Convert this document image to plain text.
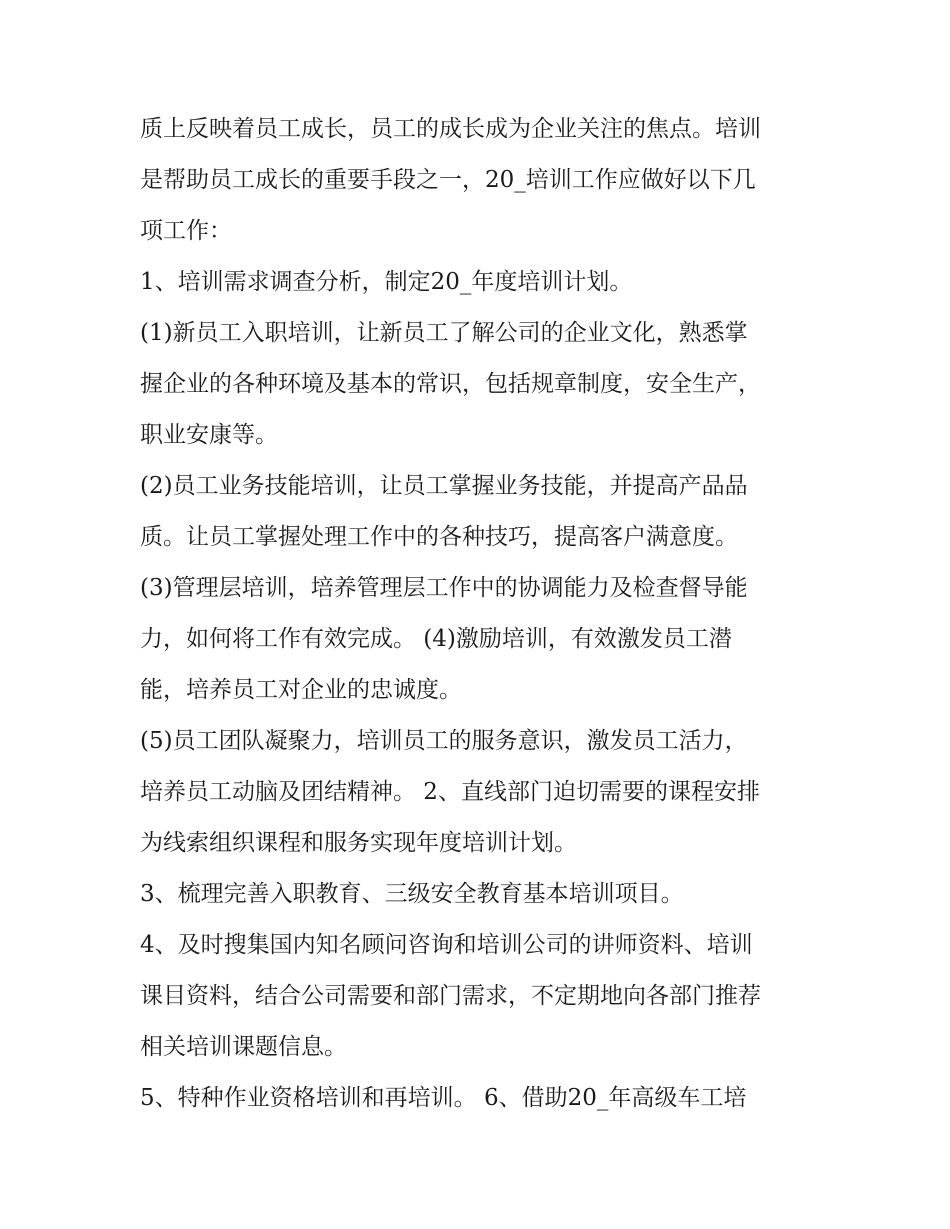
质上反映着员工成长，员工的成长成为企业关注的焦点。培训
是帮助员工成长的重要手段之一，20_培训工作应做好以下几
项工作：
1、培训需求调查分析，制定20_年度培训计划。
(1)新员工入职培训，让新员工了解公司的企业文化，熟悉掌
握企业的各种环境及基本的常识，包括规章制度，安全生产，
职业安康等。
(2)员工业务技能培训，让员工掌握业务技能，并提高产品品
质。让员工掌握处理工作中的各种技巧，提高客户满意度。
(3)管理层培训，培养管理层工作中的协调能力及检查督导能
力，如何将工作有效完成。 (4)激励培训，有效激发员工潜
能，培养员工对企业的忠诚度。
(5)员工团队凝聚力，培训员工的服务意识，激发员工活力，
培养员工动脑及团结精神。 2、直线部门迫切需要的课程安排
为线索组织课程和服务实现年度培训计划。
3、梳理完善入职教育、三级安全教育基本培训项目。
4、及时搜集国内知名顾问咨询和培训公司的讲师资料、培训
课目资料，结合公司需要和部门需求，不定期地向各部门推荐
相关培训课题信息。
5、特种作业资格培训和再培训。 6、借助20_年高级车工培
